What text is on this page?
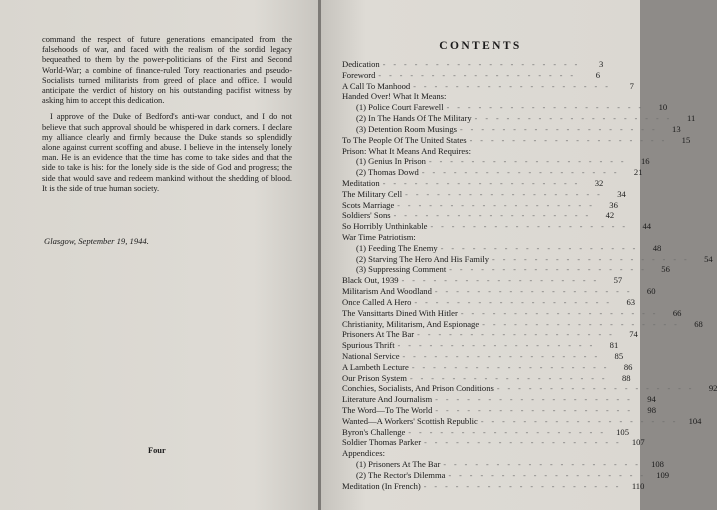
command the respect of future generations emancipated from the falsehoods of war, and faced with the realism of the sordid legacy bequeathed to them by the power-politicians of the First and Second World-War; a combine of finance-ruled Tory reactionaries and pseudo-Socialists turned militarists from greed of place and office. I would anticipate the verdict of history on his outstanding pacifist witness by asking him to accept this dedication.

I approve of the Duke of Bedford's anti-war conduct, and I do not believe that such approval should be whispered in dark corners. I declare my alliance clearly and firmly because the Duke stands so splendidly alone against current scoffing and abuse. I believe in the intensely lonely man. He is an evidence that the time has come to take sides and that the side to take is his: for the lonely side is the side of God and progress; the side that would save and redeem mankind without the shedding of blood. It is the side of true human society.

Glasgow, September 19, 1944.
Four
CONTENTS
Dedication - - - - - - - - - - - - - - - - - - -	3
Foreword - - - - - - - - - - - - - - - - - - -	6
A Call To Manhood - - - - - - - - - - - - - - - - - - -	7
Handed Over! What It Means:
(1) Police Court Farewell - - - - - - - - - - - - - - - - - - -	10
(2) In The Hands Of The Military - - - - - - - - - - - - - - - - - - -	11
(3) Detention Room Musings - - - - - - - - - - - - - - - - - - -	13
To The People Of The United States - - - - - - - - - - - - - - - - - - -	15
Prison: What It Means And Requires:
(1) Genius In Prison - - - - - - - - - - - - - - - - - - -	16
(2) Thomas Dowd - - - - - - - - - - - - - - - - - - -	21
Meditation - - - - - - - - - - - - - - - - - - -	32
The Military Cell - - - - - - - - - - - - - - - - - - -	34
Scots Marriage - - - - - - - - - - - - - - - - - - -	36
Soldiers' Sons - - - - - - - - - - - - - - - - - - -	42
So Horribly Unthinkable - - - - - - - - - - - - - - - - - - -	44
War Time Patriotism:
(1) Feeding The Enemy - - - - - - - - - - - - - - - - - - -	48
(2) Starving The Hero And His Family - - - - - - - - - - - - - - - - - - -	54
(3) Suppressing Comment - - - - - - - - - - - - - - - - - - -	56
Black Out, 1939 - - - - - - - - - - - - - - - - - - -	57
Militarism And Woodland - - - - - - - - - - - - - - - - - - -	60
Once Called A Hero - - - - - - - - - - - - - - - - - - -	63
The Vansittarts Dined With Hitler - - - - - - - - - - - - - - - - - - -	66
Christianity, Militarism, And Espionage - - - - - - - - - - - - - - - - - - -	68
Prisoners At The Bar - - - - - - - - - - - - - - - - - - -	74
Spurious Thrift - - - - - - - - - - - - - - - - - - -	81
National Service - - - - - - - - - - - - - - - - - - -	85
A Lambeth Lecture - - - - - - - - - - - - - - - - - - -	86
Our Prison System - - - - - - - - - - - - - - - - - - -	88
Conchies, Socialists, And Prison Conditions - - - - - - - - - - - - - - - - - - -	92
Literature And Journalism - - - - - - - - - - - - - - - - - - -	94
The Word—To The World - - - - - - - - - - - - - - - - - - -	98
Wanted—A Workers' Scottish Republic - - - - - - - - - - - - - - - - - - -	104
Byron's Challenge - - - - - - - - - - - - - - - - - - -	105
Soldier Thomas Parker - - - - - - - - - - - - - - - - - - -	107
Appendices:
(1) Prisoners At The Bar - - - - - - - - - - - - - - - - - - -	108
(2) The Rector's Dilemma - - - - - - - - - - - - - - - - - - -	109
Meditation (In French) - - - - - - - - - - - - - - - - - - -	110
